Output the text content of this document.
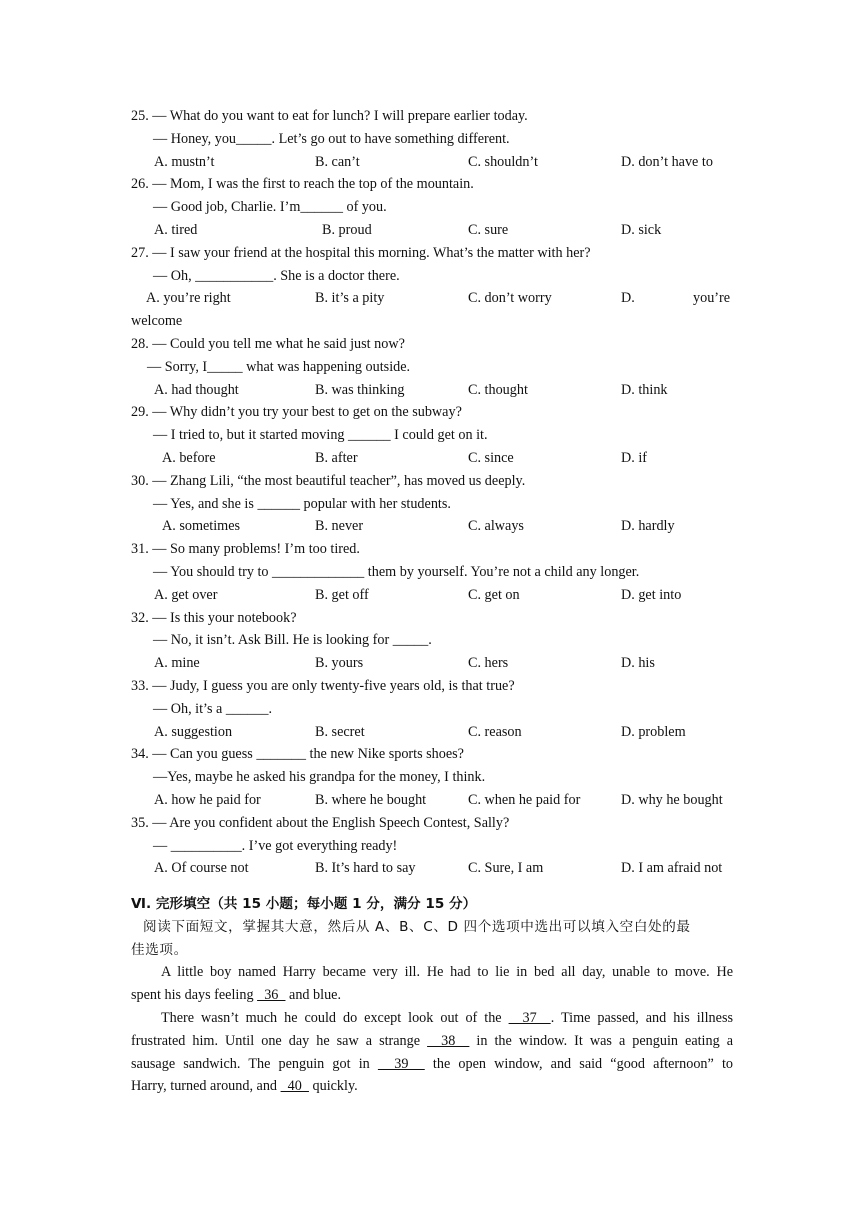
25. — What do you want to eat for lunch? I will prepare earlier today.
— Honey, you_____. Let’s go out to have something different.
A. mustn’t	B. can’t	C. shouldn’t	D. don’t have to
26. — Mom, I was the first to reach the top of the mountain.
— Good job, Charlie. I’m______ of you.
A. tired	B. proud	C. sure	D. sick
27. — I saw your friend at the hospital this morning. What’s the matter with her?
— Oh, ___________. She is a doctor there.
A. you’re right	B. it’s a pity	C. don’t worry	D.	you’re
welcome
28. — Could you tell me what he said just now?
— Sorry, I_____ what was happening outside.
A. had thought	B. was thinking	C. thought	D. think
29. — Why didn’t you try your best to get on the subway?
— I tried to, but it started moving ______ I could get on it.
A. before	B. after	C. since	D. if
30. — Zhang Lili, “the most beautiful teacher”, has moved us deeply.
— Yes, and she is ______ popular with her students.
A. sometimes	B. never	C. always	D. hardly
31. — So many problems! I’m too tired.
— You should try to _____________ them by yourself. You’re not a child any longer.
A. get over	B. get off	C. get on	D. get into
32. — Is this your notebook?
— No, it isn’t. Ask Bill. He is looking for _____.
A. mine	B. yours	C. hers	D. his
33. — Judy, I guess you are only twenty-five years old, is that true?
— Oh, it’s a ______.
A. suggestion	B. secret	C. reason	D. problem
34. — Can you guess _______ the new Nike sports shoes?
—Yes, maybe he asked his grandpa for the money, I think.
A. how he paid for	B. where he bought	C. when he paid for	D. why he bought
35. — Are you confident about the English Speech Contest, Sally?
— __________. I’ve got everything ready!
A. Of course not	B. It’s hard to say	C. Sure, I am	D. I am afraid not
Ⅵ. 完形填空（共 15 小题；每小题 1 分，满分 15 分）
阅读下面短文，掌握其大意，然后从 A、B、C、D 四个选项中选出可以填入空白处的最
佳选项。
A little boy named Harry became very ill. He had to lie in bed all day, unable to move. He
spent his days feeling   36   and blue.
There wasn’t much he could do except look out of the   37  . Time passed, and his illness
frustrated him. Until one day he saw a strange   38   in the window. It was a penguin eating a
sausage sandwich. The penguin got in   39   the open window, and said “good afternoon” to
Harry, turned around, and   40   quickly.
